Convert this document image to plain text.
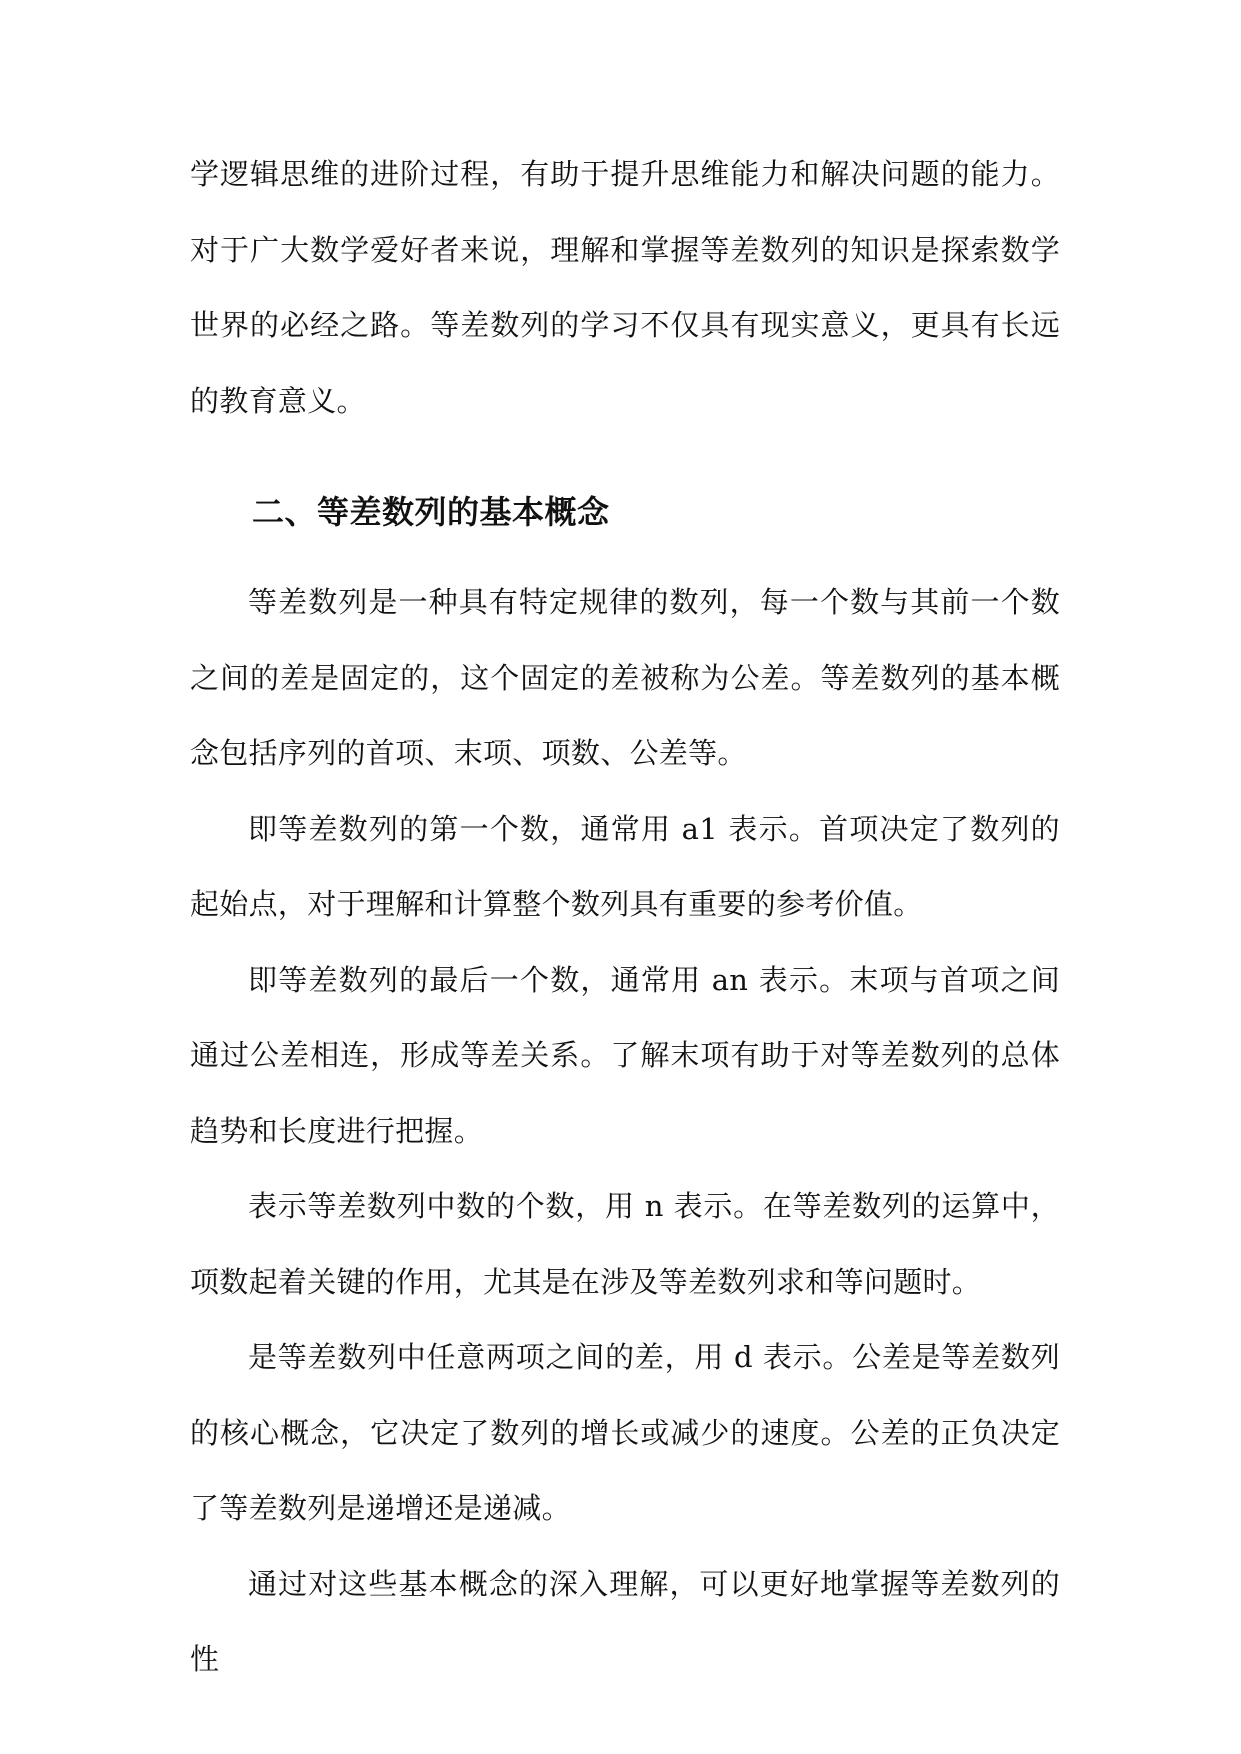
学逻辑思维的进阶过程，有助于提升思维能力和解决问题的能力。对于广大数学爱好者来说，理解和掌握等差数列的知识是探索数学世界的必经之路。等差数列的学习不仅具有现实意义，更具有长远的教育意义。

二、等差数列的基本概念

等差数列是一种具有特定规律的数列，每一个数与其前一个数之间的差是固定的，这个固定的差被称为公差。等差数列的基本概念包括序列的首项、末项、项数、公差等。

即等差数列的第一个数，通常用 a1 表示。首项决定了数列的起始点，对于理解和计算整个数列具有重要的参考价值。

即等差数列的最后一个数，通常用 an 表示。末项与首项之间通过公差相连，形成等差关系。了解末项有助于对等差数列的总体趋势和长度进行把握。

表示等差数列中数的个数，用 n 表示。在等差数列的运算中，项数起着关键的作用，尤其是在涉及等差数列求和等问题时。

是等差数列中任意两项之间的差，用 d 表示。公差是等差数列的核心概念，它决定了数列的增长或减少的速度。公差的正负决定了等差数列是递增还是递减。

通过对这些基本概念的深入理解，可以更好地掌握等差数列的性
